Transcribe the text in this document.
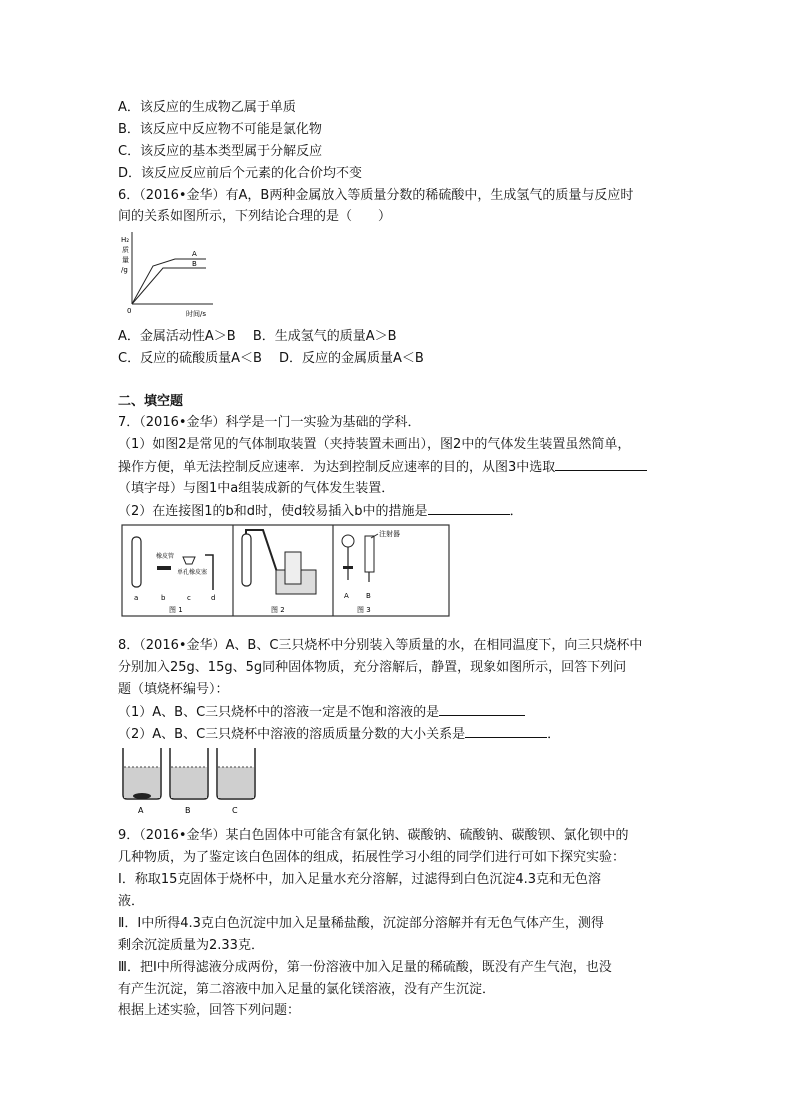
A．该反应的生成物乙属于单质
B．该反应中反应物不可能是氯化物
C．该反应的基本类型属于分解反应
D．该反应反应前后个元素的化合价均不变
6．（2016•金华）有A，B两种金属放入等质量分数的稀硫酸中，生成氢气的质量与反应时
间的关系如图所示，下列结论合理的是（　　）
H₂
质
量
/g
0	时间/s
A
B
A．金属活动性A＞B　 B．生成氢气的质量A＞B
C．反应的硫酸质量A＜B　 D．反应的金属质量A＜B
二、填空题
7．（2016•金华）科学是一门一实验为基础的学科．
（1）如图2是常见的气体制取装置（夹持装置未画出），图2中的气体发生装置虽然简单，
操作方便，单无法控制反应速率．为达到控制反应速率的目的，从图3中选取
（填字母）与图1中a组装成新的气体发生装置．
（2）在连接图1的b和d时，使d较易插入b中的措施是	．
橡皮管
单孔橡皮塞
a	b	c	d
图 1	图 2
注射器
A B
图 3
8．（2016•金华）A、B、C三只烧杯中分别装入等质量的水，在相同温度下，向三只烧杯中
分别加入25g、15g、5g同种固体物质，充分溶解后，静置，现象如图所示，回答下列问
题（填烧杯编号）：
（1）A、B、C三只烧杯中的溶液一定是不饱和溶液的是
（2）A、B、C三只烧杯中溶液的溶质质量分数的大小关系是	．
A	B	C
9．（2016•金华）某白色固体中可能含有氯化钠、碳酸钠、硫酸钠、碳酸钡、氯化钡中的
几种物质，为了鉴定该白色固体的组成，拓展性学习小组的同学们进行可如下探究实验：
Ⅰ．称取15克固体于烧杯中，加入足量水充分溶解，过滤得到白色沉淀4.3克和无色溶
液．
Ⅱ．Ⅰ中所得4.3克白色沉淀中加入足量稀盐酸，沉淀部分溶解并有无色气体产生，测得
剩余沉淀质量为2.33克．
Ⅲ．把Ⅰ中所得滤液分成两份，第一份溶液中加入足量的稀硫酸，既没有产生气泡，也没
有产生沉淀，第二溶液中加入足量的氯化镁溶液，没有产生沉淀．
根据上述实验，回答下列问题：
